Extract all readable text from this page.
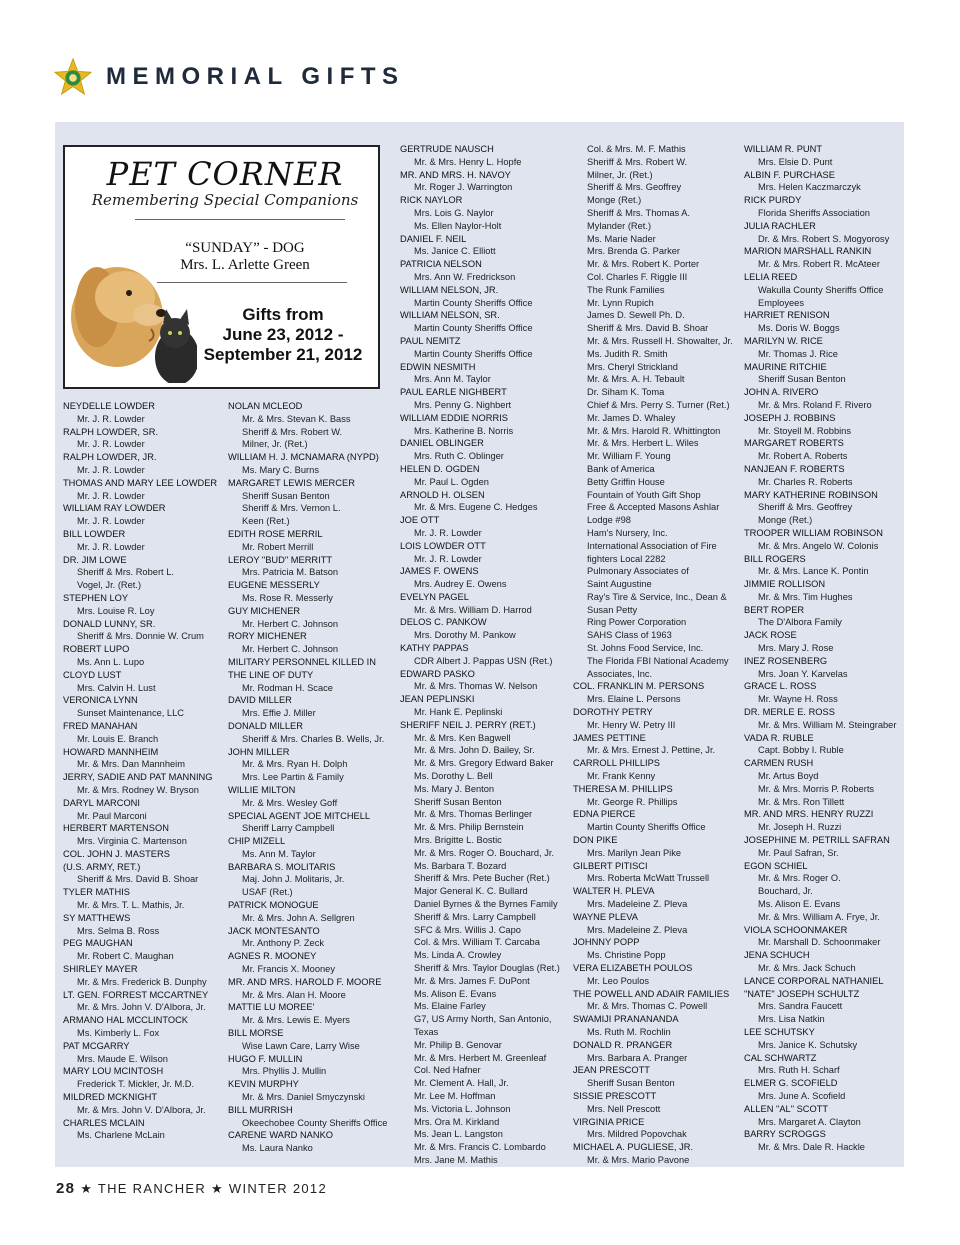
MEMORIAL GIFTS
PET CORNER
Remembering Special Companions
“SUNDAY” - DOG
Mrs. L. Arlette Green
Gifts from
June 23, 2012 -
September 21, 2012
NEYDELLE LOWDER
Mr. J. R. Lowder
RALPH LOWDER, SR.
Mr. J. R. Lowder
RALPH LOWDER, JR.
Mr. J. R. Lowder
THOMAS AND MARY LEE LOWDER
Mr. J. R. Lowder
WILLIAM RAY LOWDER
Mr. J. R. Lowder
BILL LOWDER
Mr. J. R. Lowder
DR. JIM LOWE
Sheriff & Mrs. Robert L.
Vogel, Jr. (Ret.)
STEPHEN LOY
Mrs. Louise R. Loy
DONALD LUNNY, SR.
Sheriff & Mrs. Donnie W. Crum
ROBERT LUPO
Ms. Ann L. Lupo
CLOYD LUST
Mrs. Calvin H. Lust
VERONICA LYNN
Sunset Maintenance, LLC
FRED MANAHAN
Mr. Louis E. Branch
HOWARD MANNHEIM
Mr. & Mrs. Dan Mannheim
JERRY, SADIE AND PAT MANNING
Mr. & Mrs. Rodney W. Bryson
DARYL MARCONI
Mr. Paul Marconi
HERBERT MARTENSON
Mrs. Virginia C. Martenson
COL. JOHN J. MASTERS
(U.S. ARMY, RET.)
Sheriff & Mrs. David B. Shoar
TYLER MATHIS
Mr. & Mrs. T. L. Mathis, Jr.
SY MATTHEWS
Mrs. Selma B. Ross
PEG MAUGHAN
Mr. Robert C. Maughan
SHIRLEY MAYER
Mr. & Mrs. Frederick B. Dunphy
LT. GEN. FORREST MCCARTNEY
Mr. & Mrs. John V. D'Albora, Jr.
ARMANO HAL MCCLINTOCK
Ms. Kimberly L. Fox
PAT MCGARRY
Mrs. Maude E. Wilson
MARY LOU MCINTOSH
Frederick T. Mickler, Jr. M.D.
MILDRED MCKNIGHT
Mr. & Mrs. John V. D'Albora, Jr.
CHARLES MCLAIN
Ms. Charlene McLain
NOLAN MCLEOD
Mr. & Mrs. Stevan K. Bass
Sheriff & Mrs. Robert W.
Milner, Jr. (Ret.)
WILLIAM H. J. MCNAMARA (NYPD)
Ms. Mary C. Burns
MARGARET LEWIS MERCER
Sheriff Susan Benton
Sheriff & Mrs. Vernon L.
Keen (Ret.)
EDITH ROSE MERRIL
Mr. Robert Merrill
LEROY "BUD" MERRITT
Mrs. Patricia M. Batson
EUGENE MESSERLY
Ms. Rose R. Messerly
GUY MICHENER
Mr. Herbert C. Johnson
RORY MICHENER
Mr. Herbert C. Johnson
MILITARY PERSONNEL KILLED IN
THE LINE OF DUTY
Mr. Rodman H. Scace
DAVID MILLER
Mrs. Effie J. Miller
DONALD MILLER
Sheriff & Mrs. Charles B. Wells, Jr.
JOHN MILLER
Mr. & Mrs. Ryan H. Dolph
Mrs. Lee Partin & Family
WILLIE MILTON
Mr. & Mrs. Wesley Goff
SPECIAL AGENT JOE MITCHELL
Sheriff Larry Campbell
CHIP MIZELL
Ms. Ann M. Taylor
BARBARA S. MOLITARIS
Maj. John J. Molitaris, Jr.
USAF (Ret.)
PATRICK MONOGUE
Mr. & Mrs. John A. Sellgren
JACK MONTESANTO
Mr. Anthony P. Zeck
AGNES R. MOONEY
Mr. Francis X. Mooney
MR. AND MRS. HAROLD F. MOORE
Mr. & Mrs. Alan H. Moore
MATTIE LU MOREE'
Mr. & Mrs. Lewis E. Myers
BILL MORSE
Wise Lawn Care, Larry Wise
HUGO F. MULLIN
Mrs. Phyllis J. Mullin
KEVIN MURPHY
Mr. & Mrs. Daniel Smyczynski
BILL MURRISH
Okeechobee County Sheriffs Office
CARENE WARD NANKO
Ms. Laura Nanko
GERTRUDE NAUSCH
Mr. & Mrs. Henry L. Hopfe
MR. AND MRS. H. NAVOY
Mr. Roger J. Warrington
RICK NAYLOR
Mrs. Lois G. Naylor
Ms. Ellen Naylor-Holt
DANIEL F. NEIL
Ms. Janice C. Elliott
PATRICIA NELSON
Mrs. Ann W. Fredrickson
WILLIAM NELSON, JR.
Martin County Sheriffs Office
WILLIAM NELSON, SR.
Martin County Sheriffs Office
PAUL NEMITZ
Martin County Sheriffs Office
EDWIN NESMITH
Mrs. Ann M. Taylor
PAUL EARLE NIGHBERT
Mrs. Penny G. Nighbert
WILLIAM EDDIE NORRIS
Mrs. Katherine B. Norris
DANIEL OBLINGER
Mrs. Ruth C. Oblinger
HELEN D. OGDEN
Mr. Paul L. Ogden
ARNOLD H. OLSEN
Mr. & Mrs. Eugene C. Hedges
JOE OTT
Mr. J. R. Lowder
LOIS LOWDER OTT
Mr. J. R. Lowder
JAMES F. OWENS
Mrs. Audrey E. Owens
EVELYN PAGEL
Mr. & Mrs. William D. Harrod
DELOS C. PANKOW
Mrs. Dorothy M. Pankow
KATHY PAPPAS
CDR Albert J. Pappas USN (Ret.)
EDWARD PASKO
Mr. & Mrs. Thomas W. Nelson
JEAN PEPLINSKI
Mr. Hank E. Peplinski
SHERIFF NEIL J. PERRY (RET.)
Mr. & Mrs. Ken Bagwell
Mr. & Mrs. John D. Bailey, Sr.
Mr. & Mrs. Gregory Edward Baker
Ms. Dorothy L. Bell
Ms. Mary J. Benton
Sheriff Susan Benton
Mr. & Mrs. Thomas Berlinger
Mr. & Mrs. Philip Bernstein
Mrs. Brigitte L. Bostic
Mr. & Mrs. Roger O. Bouchard, Jr.
Ms. Barbara T. Bozard
Sheriff & Mrs. Pete Bucher (Ret.)
Major General K. C. Bullard
Daniel Byrnes & the Byrnes Family
Sheriff & Mrs. Larry Campbell
SFC & Mrs. Willis J. Capo
Col. & Mrs. William T. Carcaba
Ms. Linda A. Crowley
Sheriff & Mrs. Taylor Douglas (Ret.)
Mr. & Mrs. James F. DuPont
Ms. Alison E. Evans
Ms. Elaine Farley
G7, US Army North, San Antonio,
Texas
Mr. Philip B. Genovar
Mr. & Mrs. Herbert M. Greenleaf
Col. Ned Hafner
Mr. Clement A. Hall, Jr.
Mr. Lee M. Hoffman
Ms. Victoria L. Johnson
Mrs. Ora M. Kirkland
Ms. Jean L. Langston
Mr. & Mrs. Francis C. Lombardo
Mrs. Jane M. Mathis
Col. & Mrs. M. F. Mathis
Sheriff & Mrs. Robert W.
Milner, Jr. (Ret.)
Sheriff & Mrs. Geoffrey
Monge (Ret.)
Sheriff & Mrs. Thomas A.
Mylander (Ret.)
Ms. Marie Nader
Mrs. Brenda G. Parker
Mr. & Mrs. Robert K. Porter
Col. Charles F. Riggle III
The Runk Families
Mr. Lynn Rupich
James D. Sewell Ph. D.
Sheriff & Mrs. David B. Shoar
Mr. & Mrs. Russell H. Showalter, Jr.
Ms. Judith R. Smith
Mrs. Cheryl Strickland
Mr. & Mrs. A. H. Tebault
Dr. Siham K. Toma
Chief & Mrs. Perry S. Turner (Ret.)
Mr. James D. Whaley
Mr. & Mrs. Harold R. Whittington
Mr. & Mrs. Herbert L. Wiles
Mr. William F. Young
Bank of America
Betty Griffin House
Fountain of Youth Gift Shop
Free & Accepted Masons Ashlar
Lodge #98
Ham's Nursery, Inc.
International Association of Fire
fighters Local 2282
Pulmonary Associates of
Saint Augustine
Ray's Tire & Service, Inc., Dean &
Susan Petty
Ring Power Corporation
SAHS Class of 1963
St. Johns Food Service, Inc.
The Florida FBI National Academy
Associates, Inc.
COL. FRANKLIN M. PERSONS
Mrs. Elaine L. Persons
DOROTHY PETRY
Mr. Henry W. Petry III
JAMES PETTINE
Mr. & Mrs. Ernest J. Pettine, Jr.
CARROLL PHILLIPS
Mr. Frank Kenny
THERESA M. PHILLIPS
Mr. George R. Phillips
EDNA PIERCE
Martin County Sheriffs Office
DON PIKE
Mrs. Marilyn Jean Pike
GILBERT PITISCI
Mrs. Roberta McWatt Trussell
WALTER H. PLEVA
Mrs. Madeleine Z. Pleva
WAYNE PLEVA
Mrs. Madeleine Z. Pleva
JOHNNY POPP
Ms. Christine Popp
VERA ELIZABETH POULOS
Mr. Leo Poulos
THE POWELL AND ADAIR FAMILIES
Mr. & Mrs. Thomas C. Powell
SWAMIJI PRANANANDA
Ms. Ruth M. Rochlin
DONALD R. PRANGER
Mrs. Barbara A. Pranger
JEAN PRESCOTT
Sheriff Susan Benton
SISSIE PRESCOTT
Mrs. Nell Prescott
VIRGINIA PRICE
Mrs. Mildred Popovchak
MICHAEL A. PUGLIESE, JR.
Mr. & Mrs. Mario Pavone
WILLIAM R. PUNT
Mrs. Elsie D. Punt
ALBIN F. PURCHASE
Mrs. Helen Kaczmarczyk
RICK PURDY
Florida Sheriffs Association
JULIA RACHLER
Dr. & Mrs. Robert S. Mogyorosy
MARION MARSHALL RANKIN
Mr. & Mrs. Robert R. McAteer
LELIA REED
Wakulla County Sheriffs Office
Employees
HARRIET RENISON
Ms. Doris W. Boggs
MARILYN W. RICE
Mr. Thomas J. Rice
MAURINE RITCHIE
Sheriff Susan Benton
JOHN A. RIVERO
Mr. & Mrs. Roland F. Rivero
JOSEPH J. ROBBINS
Mr. Stoyell M. Robbins
MARGARET ROBERTS
Mr. Robert A. Roberts
NANJEAN F. ROBERTS
Mr. Charles R. Roberts
MARY KATHERINE ROBINSON
Sheriff & Mrs. Geoffrey
Monge (Ret.)
TROOPER WILLIAM ROBINSON
Mr. & Mrs. Angelo W. Colonis
BILL ROGERS
Mr. & Mrs. Lance K. Pontin
JIMMIE ROLLISON
Mr. & Mrs. Tim Hughes
BERT ROPER
The D'Albora Family
JACK ROSE
Mrs. Mary J. Rose
INEZ ROSENBERG
Mrs. Joan Y. Karvelas
GRACE L. ROSS
Mr. Wayne H. Ross
DR. MERLE E. ROSS
Mr. & Mrs. William M. Steingraber
VADA R. RUBLE
Capt. Bobby I. Ruble
CARMEN RUSH
Mr. Artus Boyd
Mr. & Mrs. Morris P. Roberts
Mr. & Mrs. Ron Tillett
MR. AND MRS. HENRY RUZZI
Mr. Joseph H. Ruzzi
JOSEPHINE M. PETRILL SAFRAN
Mr. Paul Safran, Sr.
EGON SCHIEL
Mr. & Mrs. Roger O.
Bouchard, Jr.
Ms. Alison E. Evans
Mr. & Mrs. William A. Frye, Jr.
VIOLA SCHOONMAKER
Mr. Marshall D. Schoonmaker
JENA SCHUCH
Mr. & Mrs. Jack Schuch
LANCE CORPORAL NATHANIEL
"NATE" JOSEPH SCHULTZ
Mrs. Sandra Faucett
Mrs. Lisa Natkin
LEE SCHUTSKY
Mrs. Janice K. Schutsky
CAL SCHWARTZ
Mrs. Ruth H. Scharf
ELMER G. SCOFIELD
Mrs. June A. Scofield
ALLEN "AL" SCOTT
Mrs. Margaret A. Clayton
BARRY SCROGGS
Mr. & Mrs. Dale R. Hackle
28 ★ THE RANCHER ★ WINTER 2012
